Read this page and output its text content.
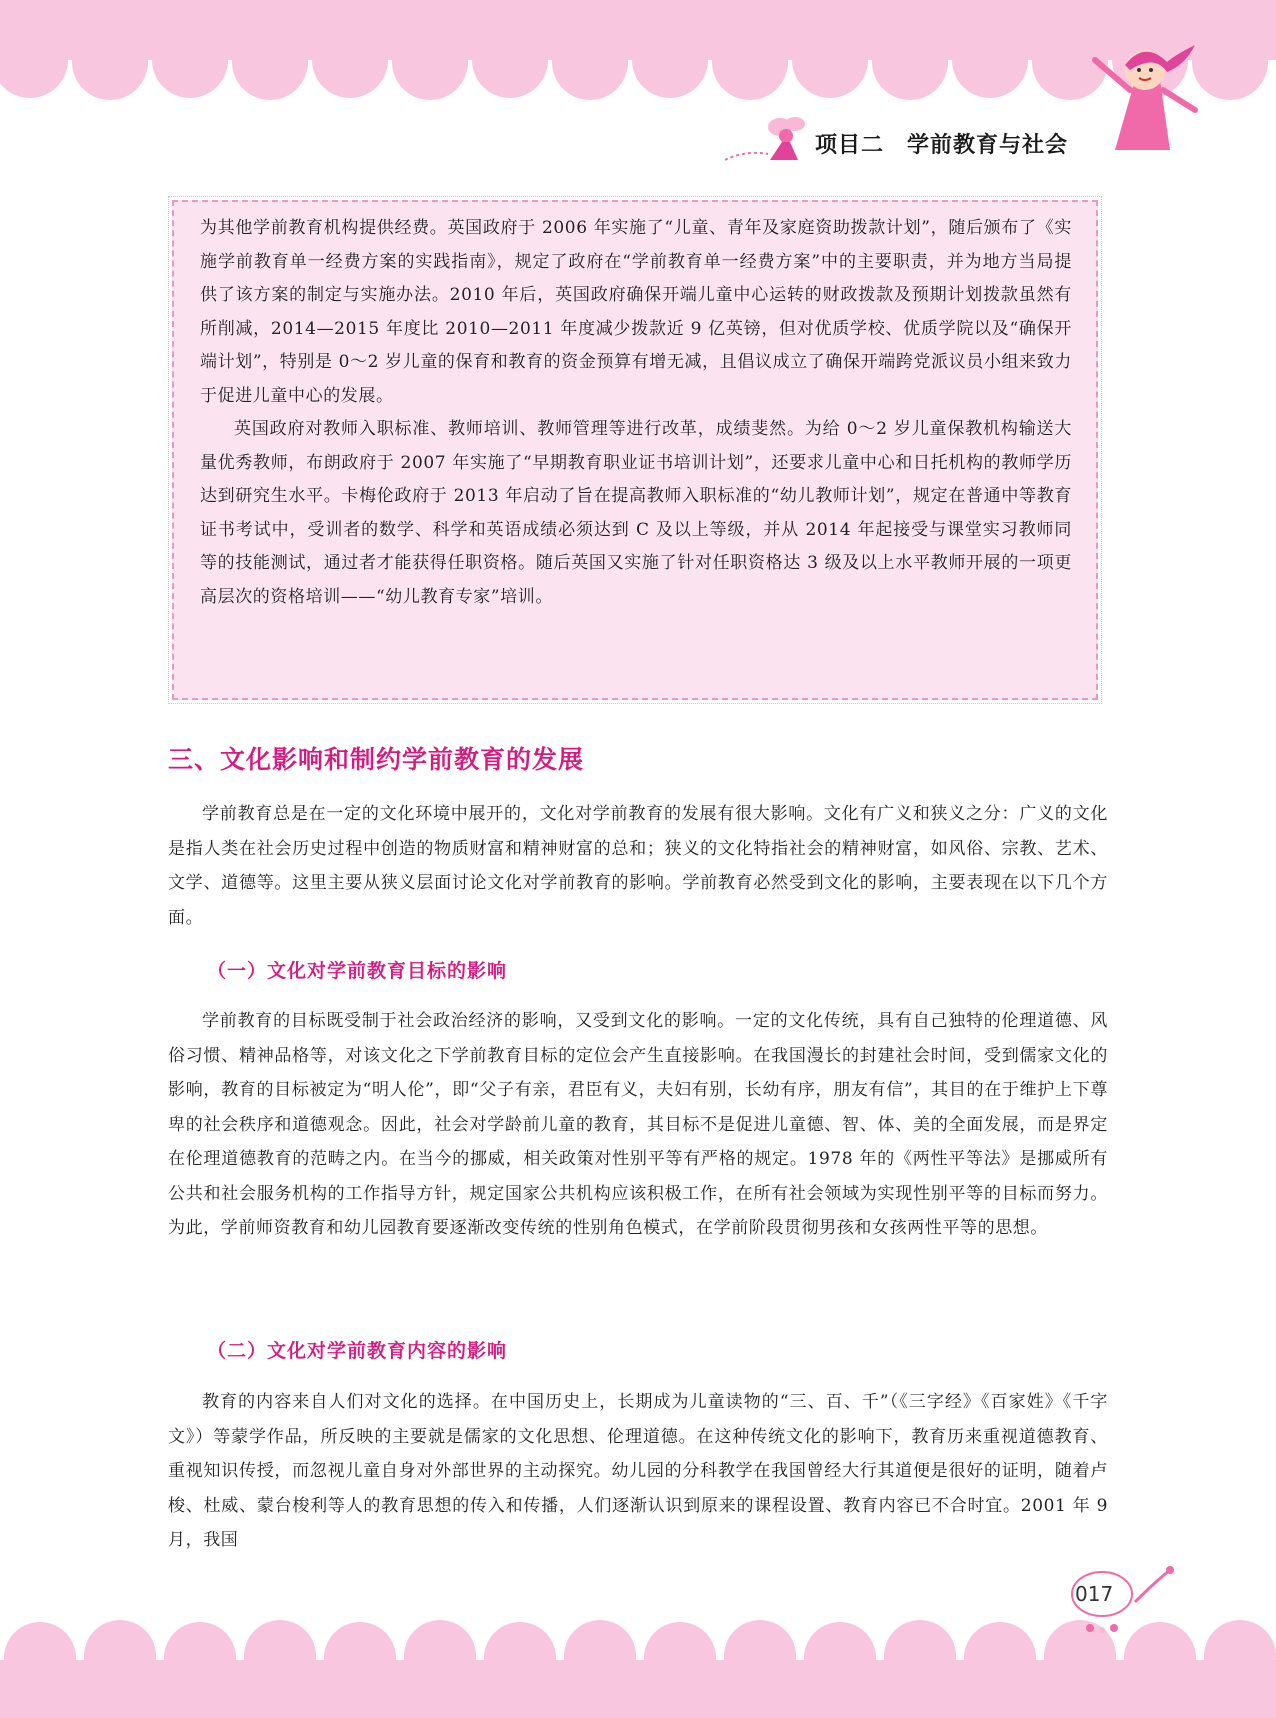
项目二　学前教育与社会

为其他学前教育机构提供经费。英国政府于 2006 年实施了“儿童、青年及家庭资助拨款计划”，随后颁布了《实施学前教育单一经费方案的实践指南》，规定了政府在“学前教育单一经费方案”中的主要职责，并为地方当局提供了该方案的制定与实施办法。2010 年后，英国政府确保开端儿童中心运转的财政拨款及预期计划拨款虽然有所削减，2014—2015 年度比 2010—2011 年度减少拨款近 9 亿英镑，但对优质学校、优质学院以及“确保开端计划”，特别是 0～2 岁儿童的保育和教育的资金预算有增无减，且倡议成立了确保开端跨党派议员小组来致力于促进儿童中心的发展。

英国政府对教师入职标准、教师培训、教师管理等进行改革，成绩斐然。为给 0～2 岁儿童保教机构输送大量优秀教师，布朗政府于 2007 年实施了“早期教育职业证书培训计划”，还要求儿童中心和日托机构的教师学历达到研究生水平。卡梅伦政府于 2013 年启动了旨在提高教师入职标准的“幼儿教师计划”，规定在普通中等教育证书考试中，受训者的数学、科学和英语成绩必须达到 C 及以上等级，并从 2014 年起接受与课堂实习教师同等的技能测试，通过者才能获得任职资格。随后英国又实施了针对任职资格达 3 级及以上水平教师开展的一项更高层次的资格培训——“幼儿教育专家”培训。

三、文化影响和制约学前教育的发展

学前教育总是在一定的文化环境中展开的，文化对学前教育的发展有很大影响。文化有广义和狭义之分：广义的文化是指人类在社会历史过程中创造的物质财富和精神财富的总和；狭义的文化特指社会的精神财富，如风俗、宗教、艺术、文学、道德等。这里主要从狭义层面讨论文化对学前教育的影响。学前教育必然受到文化的影响，主要表现在以下几个方面。

（一）文化对学前教育目标的影响

学前教育的目标既受制于社会政治经济的影响，又受到文化的影响。一定的文化传统，具有自己独特的伦理道德、风俗习惯、精神品格等，对该文化之下学前教育目标的定位会产生直接影响。在我国漫长的封建社会时间，受到儒家文化的影响，教育的目标被定为“明人伦”，即“父子有亲，君臣有义，夫妇有别，长幼有序，朋友有信”，其目的在于维护上下尊卑的社会秩序和道德观念。因此，社会对学龄前儿童的教育，其目标不是促进儿童德、智、体、美的全面发展，而是界定在伦理道德教育的范畴之内。在当今的挪威，相关政策对性别平等有严格的规定。1978 年的《两性平等法》是挪威所有公共和社会服务机构的工作指导方针，规定国家公共机构应该积极工作，在所有社会领域为实现性别平等的目标而努力。为此，学前师资教育和幼儿园教育要逐渐改变传统的性别角色模式，在学前阶段贯彻男孩和女孩两性平等的思想。

（二）文化对学前教育内容的影响

教育的内容来自人们对文化的选择。在中国历史上，长期成为儿童读物的“三、百、千”（《三字经》《百家姓》《千字文》）等蒙学作品，所反映的主要就是儒家的文化思想、伦理道德。在这种传统文化的影响下，教育历来重视道德教育、重视知识传授，而忽视儿童自身对外部世界的主动探究。幼儿园的分科教学在我国曾经大行其道便是很好的证明，随着卢梭、杜威、蒙台梭利等人的教育思想的传入和传播，人们逐渐认识到原来的课程设置、教育内容已不合时宜。2001 年 9 月，我国

017
